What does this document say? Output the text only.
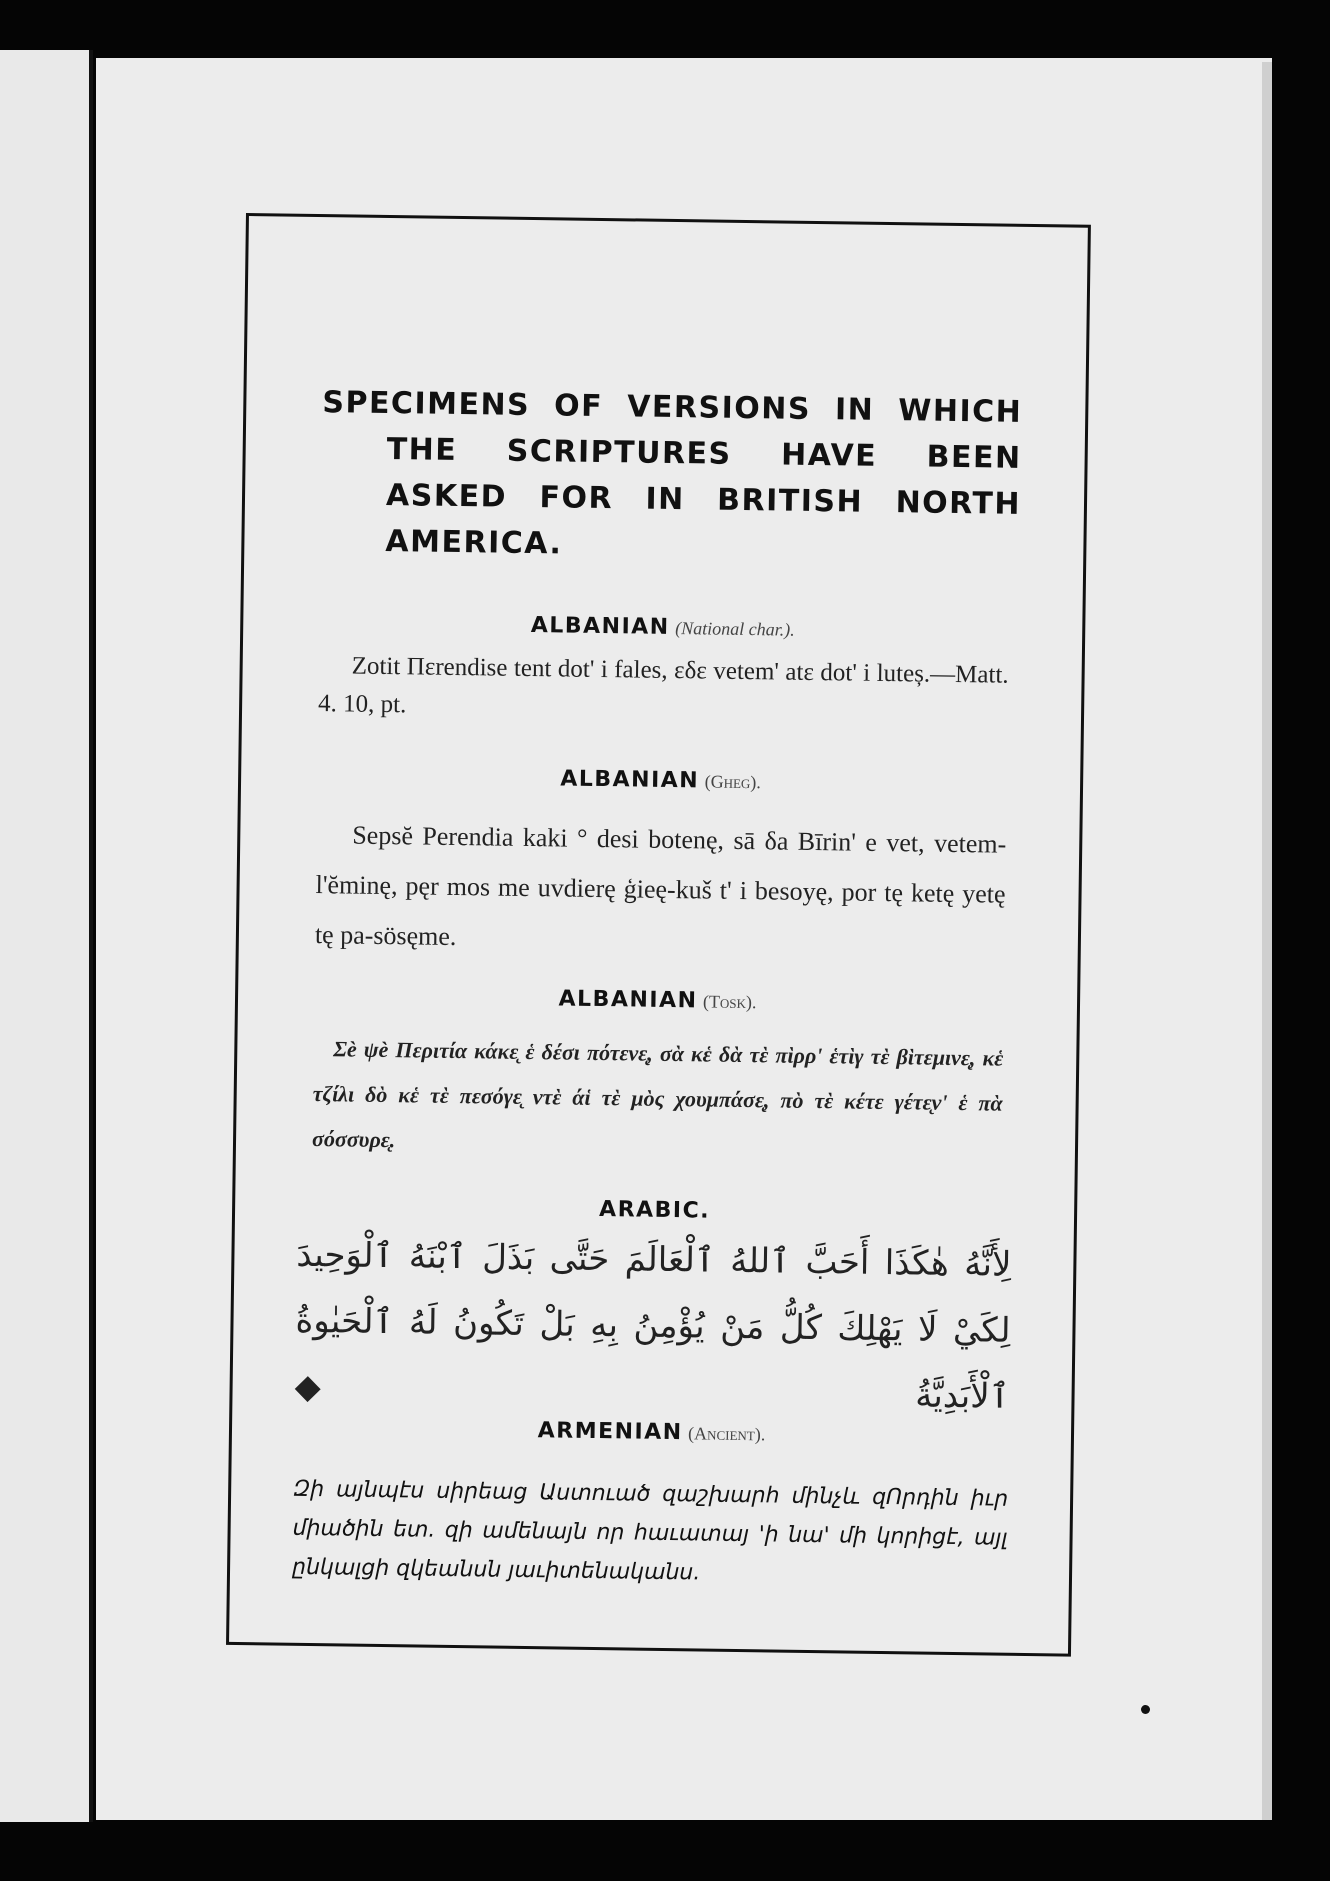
SPECIMENS OF VERSIONS IN WHICH
THE SCRIPTURES HAVE BEEN
ASKED FOR IN BRITISH NORTH
AMERICA.
ALBANIAN (National char.).
Zotit Πεrendise tent dot' i fales, εδε vetem' atε dot' i luteș.—Matt. 4. 10, pt.
ALBANIAN (Gheg).
Sepsĕ Perendia kaki ° desi botenę, sā δa Bīrin' e vet, vetem-l'ĕminę, pęr mos me uvdierę ģieę-kuš t' i besoyę, por tę ketę yetę tę pa-sösęme.
ALBANIAN (Tosk).
Σè ψè Περιτία κάκε̨ ἑ δέσι πότενε̨, σὰ κἑ δὰ τὲ πὶρρ' ἑτὶγ τὲ βὶτεμινε̨, κἑ τζίλι δὸ κἑ τὲ πεσόγε̨ ντὲ άἱ τὲ μὸς χουμπάσε̨, πὸ τὲ κέτε γέτε̨ν' ἑ πὰ σόσσυρε̨.
ARABIC.
لِأَنَّهُ هٰكَذَا أَحَبَّ ٱللهُ ٱلْعَالَمَ حَتَّى بَذَلَ ٱبْنَهُ ٱلْوَحِيدَ لِكَيْ لَا يَهْلِكَ كُلُّ مَنْ يُؤْمِنُ بِهِ بَلْ تَكُونُ لَهُ ٱلْحَيٰوةُ ٱلْأَبَدِيَّةُ ◆
ARMENIAN (Ancient).
Զի այնպէս սիրեաց Աստուած զաշխարհ մինչև զՈրդին իւր միածին ետ. զի ամենայն որ հաւատայ 'ի նա' մի կորիցէ, այլ ընկալցի զկեանսն յաւիտենականս.
